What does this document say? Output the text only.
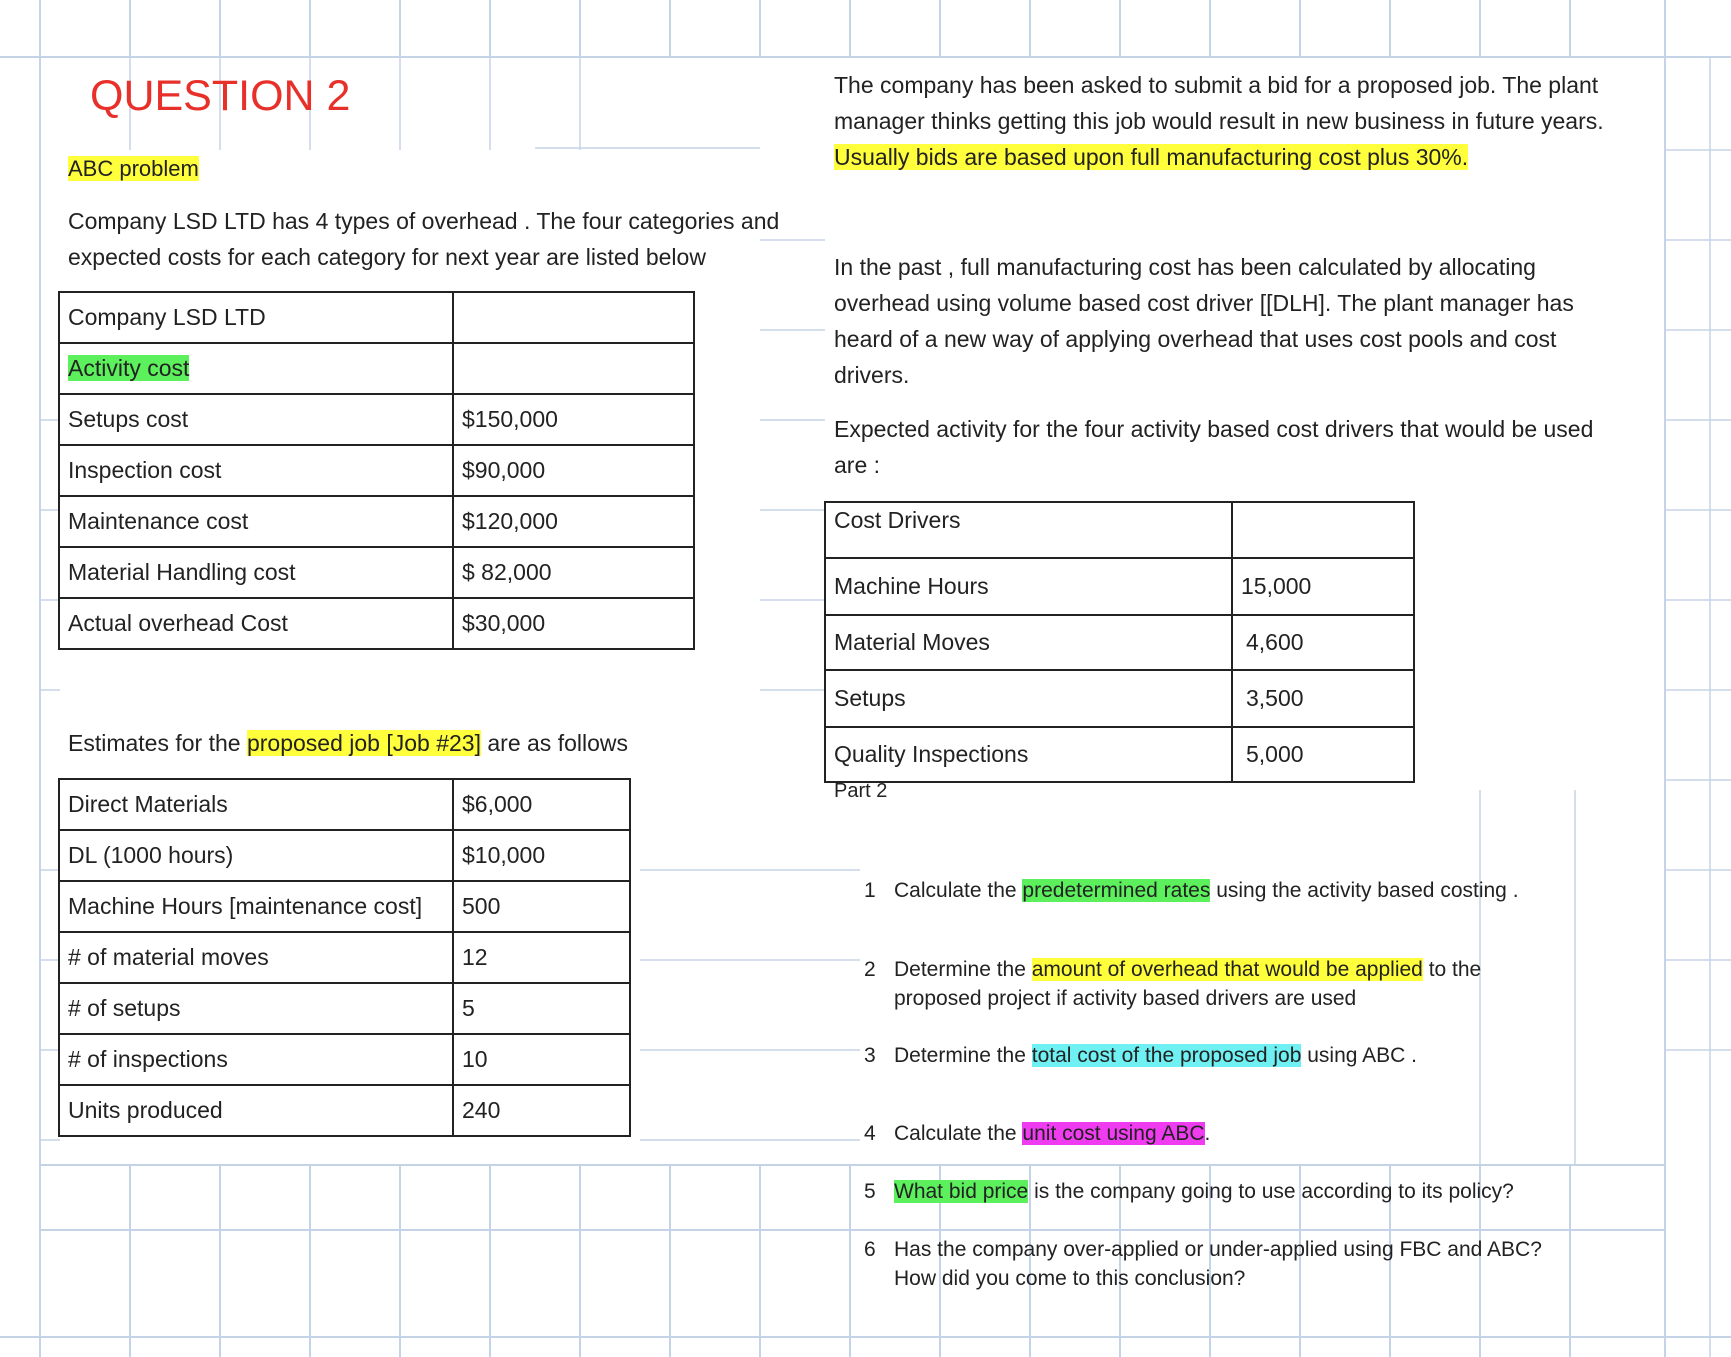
QUESTION 2
ABC problem
Company LSD LTD has 4 types of overhead . The four categories and
expected costs for each category for next year are listed below
Company LSD LTD	
Activity cost	
Setups cost	$150,000
Inspection cost	$90,000
Maintenance cost	$120,000
Material Handling cost	$ 82,000
Actual overhead Cost	$30,000
Estimates for the proposed job [Job #23] are as follows
Direct Materials	$6,000
DL (1000 hours)	$10,000
Machine Hours [maintenance cost]	500
# of material moves	12
# of setups	5
# of inspections	10
Units produced	240
The company has been asked to submit a bid for a proposed job. The plant
manager thinks getting this job would result in new business in future years.
Usually bids are based upon full manufacturing cost plus 30%.
In the past , full manufacturing cost has been calculated by allocating
overhead using volume based cost driver [[DLH]. The plant manager has
heard of a new way of applying overhead that uses cost pools and cost
drivers.
Expected activity for the four activity based cost drivers that would be used
are :
Cost Drivers	
Machine Hours	15,000
Material Moves	4,600
Setups	3,500
Quality Inspections	5,000
Part 2
1 Calculate the predetermined rates using the activity based costing .
2 Determine the amount of overhead that would be applied to the
proposed project if activity based drivers are used
3 Determine the total cost of the proposed job using ABC .
4 Calculate the unit cost using ABC.
5 What bid price is the company going to use according to its policy?
6 Has the company over-applied or under-applied using FBC and ABC?
How did you come to this conclusion?
